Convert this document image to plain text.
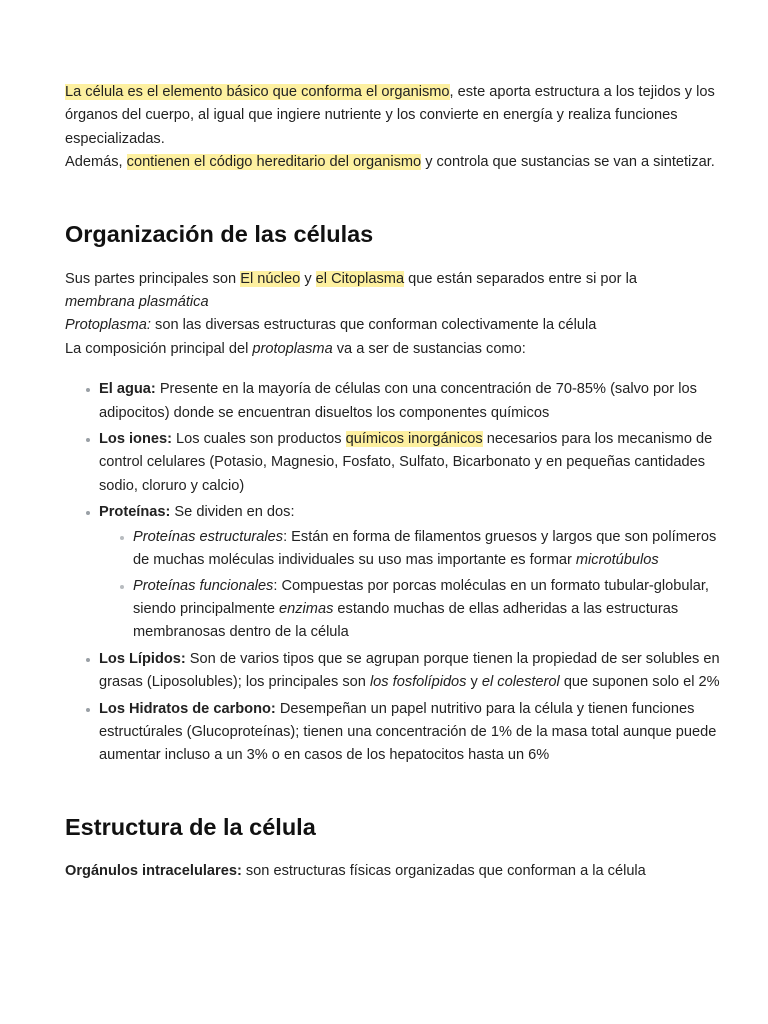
La célula es el elemento básico que conforma el organismo, este aporta estructura a los tejidos y los órganos del cuerpo, al igual que ingiere nutriente y los convierte en energía y realiza funciones especializadas.

Además, contienen el código hereditario del organismo y controla que sustancias se van a sintetizar.

Organización de las células

Sus partes principales son El núcleo y el Citoplasma que están separados entre si por la

membrana plasmática

Protoplasma: son las diversas estructuras que conforman colectivamente la célula

La composición principal del protoplasma va a ser de sustancias como:

El agua: Presente en la mayoría de células con una concentración de 70-85% (salvo por los adipocitos) donde se encuentran disueltos los componentes químicos
Los iones: Los cuales son productos químicos inorgánicos necesarios para los mecanismo de control celulares (Potasio, Magnesio, Fosfato, Sulfato, Bicarbonato y en pequeñas cantidades sodio, cloruro y calcio)
Proteínas: Se dividen en dos:
Proteínas estructurales: Están en forma de filamentos gruesos y largos que son polímeros de muchas moléculas individuales su uso mas importante es formar microtúbulos
Proteínas funcionales: Compuestas por porcas moléculas en un formato tubular-globular, siendo principalmente enzimas estando muchas de ellas adheridas a las estructuras membranosas dentro de la célula
Los Lípidos: Son de varios tipos que se agrupan porque tienen la propiedad de ser solubles en grasas (Liposolubles); los principales son los fosfolípidos y el colesterol que suponen solo el 2%
Los Hidratos de carbono: Desempeñan un papel nutritivo para la célula y tienen funciones estructúrales (Glucoproteínas); tienen una concentración de 1% de la masa total aunque puede aumentar incluso a un 3% o en casos de los hepatocitos hasta un 6%
Estructura de la célula

Orgánulos intracelulares: son estructuras físicas organizadas que conforman a la célula
